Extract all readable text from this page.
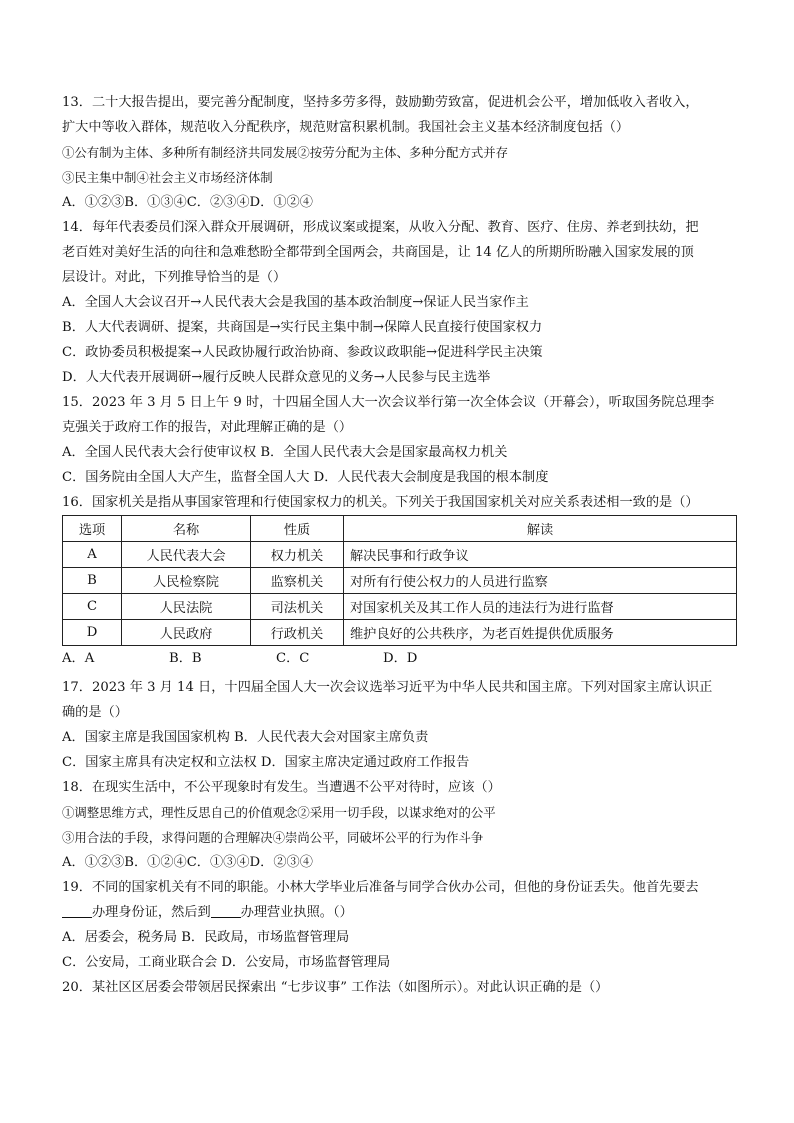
13．二十大报告提出，要完善分配制度，坚持多劳多得，鼓励勤劳致富，促进机会公平，增加低收入者收入，
扩大中等收入群体，规范收入分配秩序，规范财富积累机制。我国社会主义基本经济制度包括（）
①公有制为主体、多种所有制经济共同发展②按劳分配为主体、多种分配方式并存
③民主集中制④社会主义市场经济体制
A．①②③B．①③④C．②③④D．①②④
14．每年代表委员们深入群众开展调研，形成议案或提案，从收入分配、教育、医疗、住房、养老到扶幼，把
老百姓对美好生活的向往和急难愁盼全都带到全国两会，共商国是，让 14 亿人的所期所盼融入国家发展的顶
层设计。对此，下列推导恰当的是（）
A．全国人大会议召开→人民代表大会是我国的基本政治制度→保证人民当家作主
B．人大代表调研、提案，共商国是→实行民主集中制→保障人民直接行使国家权力
C．政协委员积极提案→人民政协履行政治协商、参政议政职能→促进科学民主决策
D．人大代表开展调研→履行反映人民群众意见的义务→人民参与民主选举
15．2023 年 3 月 5 日上午 9 时，十四届全国人大一次会议举行第一次全体会议（开幕会），听取国务院总理李
克强关于政府工作的报告，对此理解正确的是（）
A．全国人民代表大会行使审议权 B．全国人民代表大会是国家最高权力机关
C．国务院由全国人大产生，监督全国人大 D．人民代表大会制度是我国的根本制度
16．国家机关是指从事国家管理和行使国家权力的机关。下列关于我国国家机关对应关系表述相一致的是（）
选项	名称	性质	解读
A	人民代表大会	权力机关	解决民事和行政争议
B	人民检察院	监察机关	对所有行使公权力的人员进行监察
C	人民法院	司法机关	对国家机关及其工作人员的违法行为进行监督
D	人民政府	行政机关	维护良好的公共秩序，为老百姓提供优质服务
A．A	B．B	C．C	D．D
17．2023 年 3 月 14 日，十四届全国人大一次会议选举习近平为中华人民共和国主席。下列对国家主席认识正
确的是（）
A．国家主席是我国国家机构 B．人民代表大会对国家主席负责
C．国家主席具有决定权和立法权 D．国家主席决定通过政府工作报告
18．在现实生活中，不公平现象时有发生。当遭遇不公平对待时，应该（）
①调整思维方式，理性反思自己的价值观念②采用一切手段，以谋求绝对的公平
③用合法的手段，求得问题的合理解决④崇尚公平，同破坏公平的行为作斗争
A．①②③B．①②④C．①③④D．②③④
19．不同的国家机关有不同的职能。小林大学毕业后准备与同学合伙办公司，但他的身份证丢失。他首先要去
办理身份证，然后到 办理营业执照。（）
A．居委会，税务局 B．民政局，市场监督管理局
C．公安局，工商业联合会 D．公安局，市场监督管理局
20．某社区区居委会带领居民探索出 “七步议事” 工作法（如图所示）。对此认识正确的是（）
